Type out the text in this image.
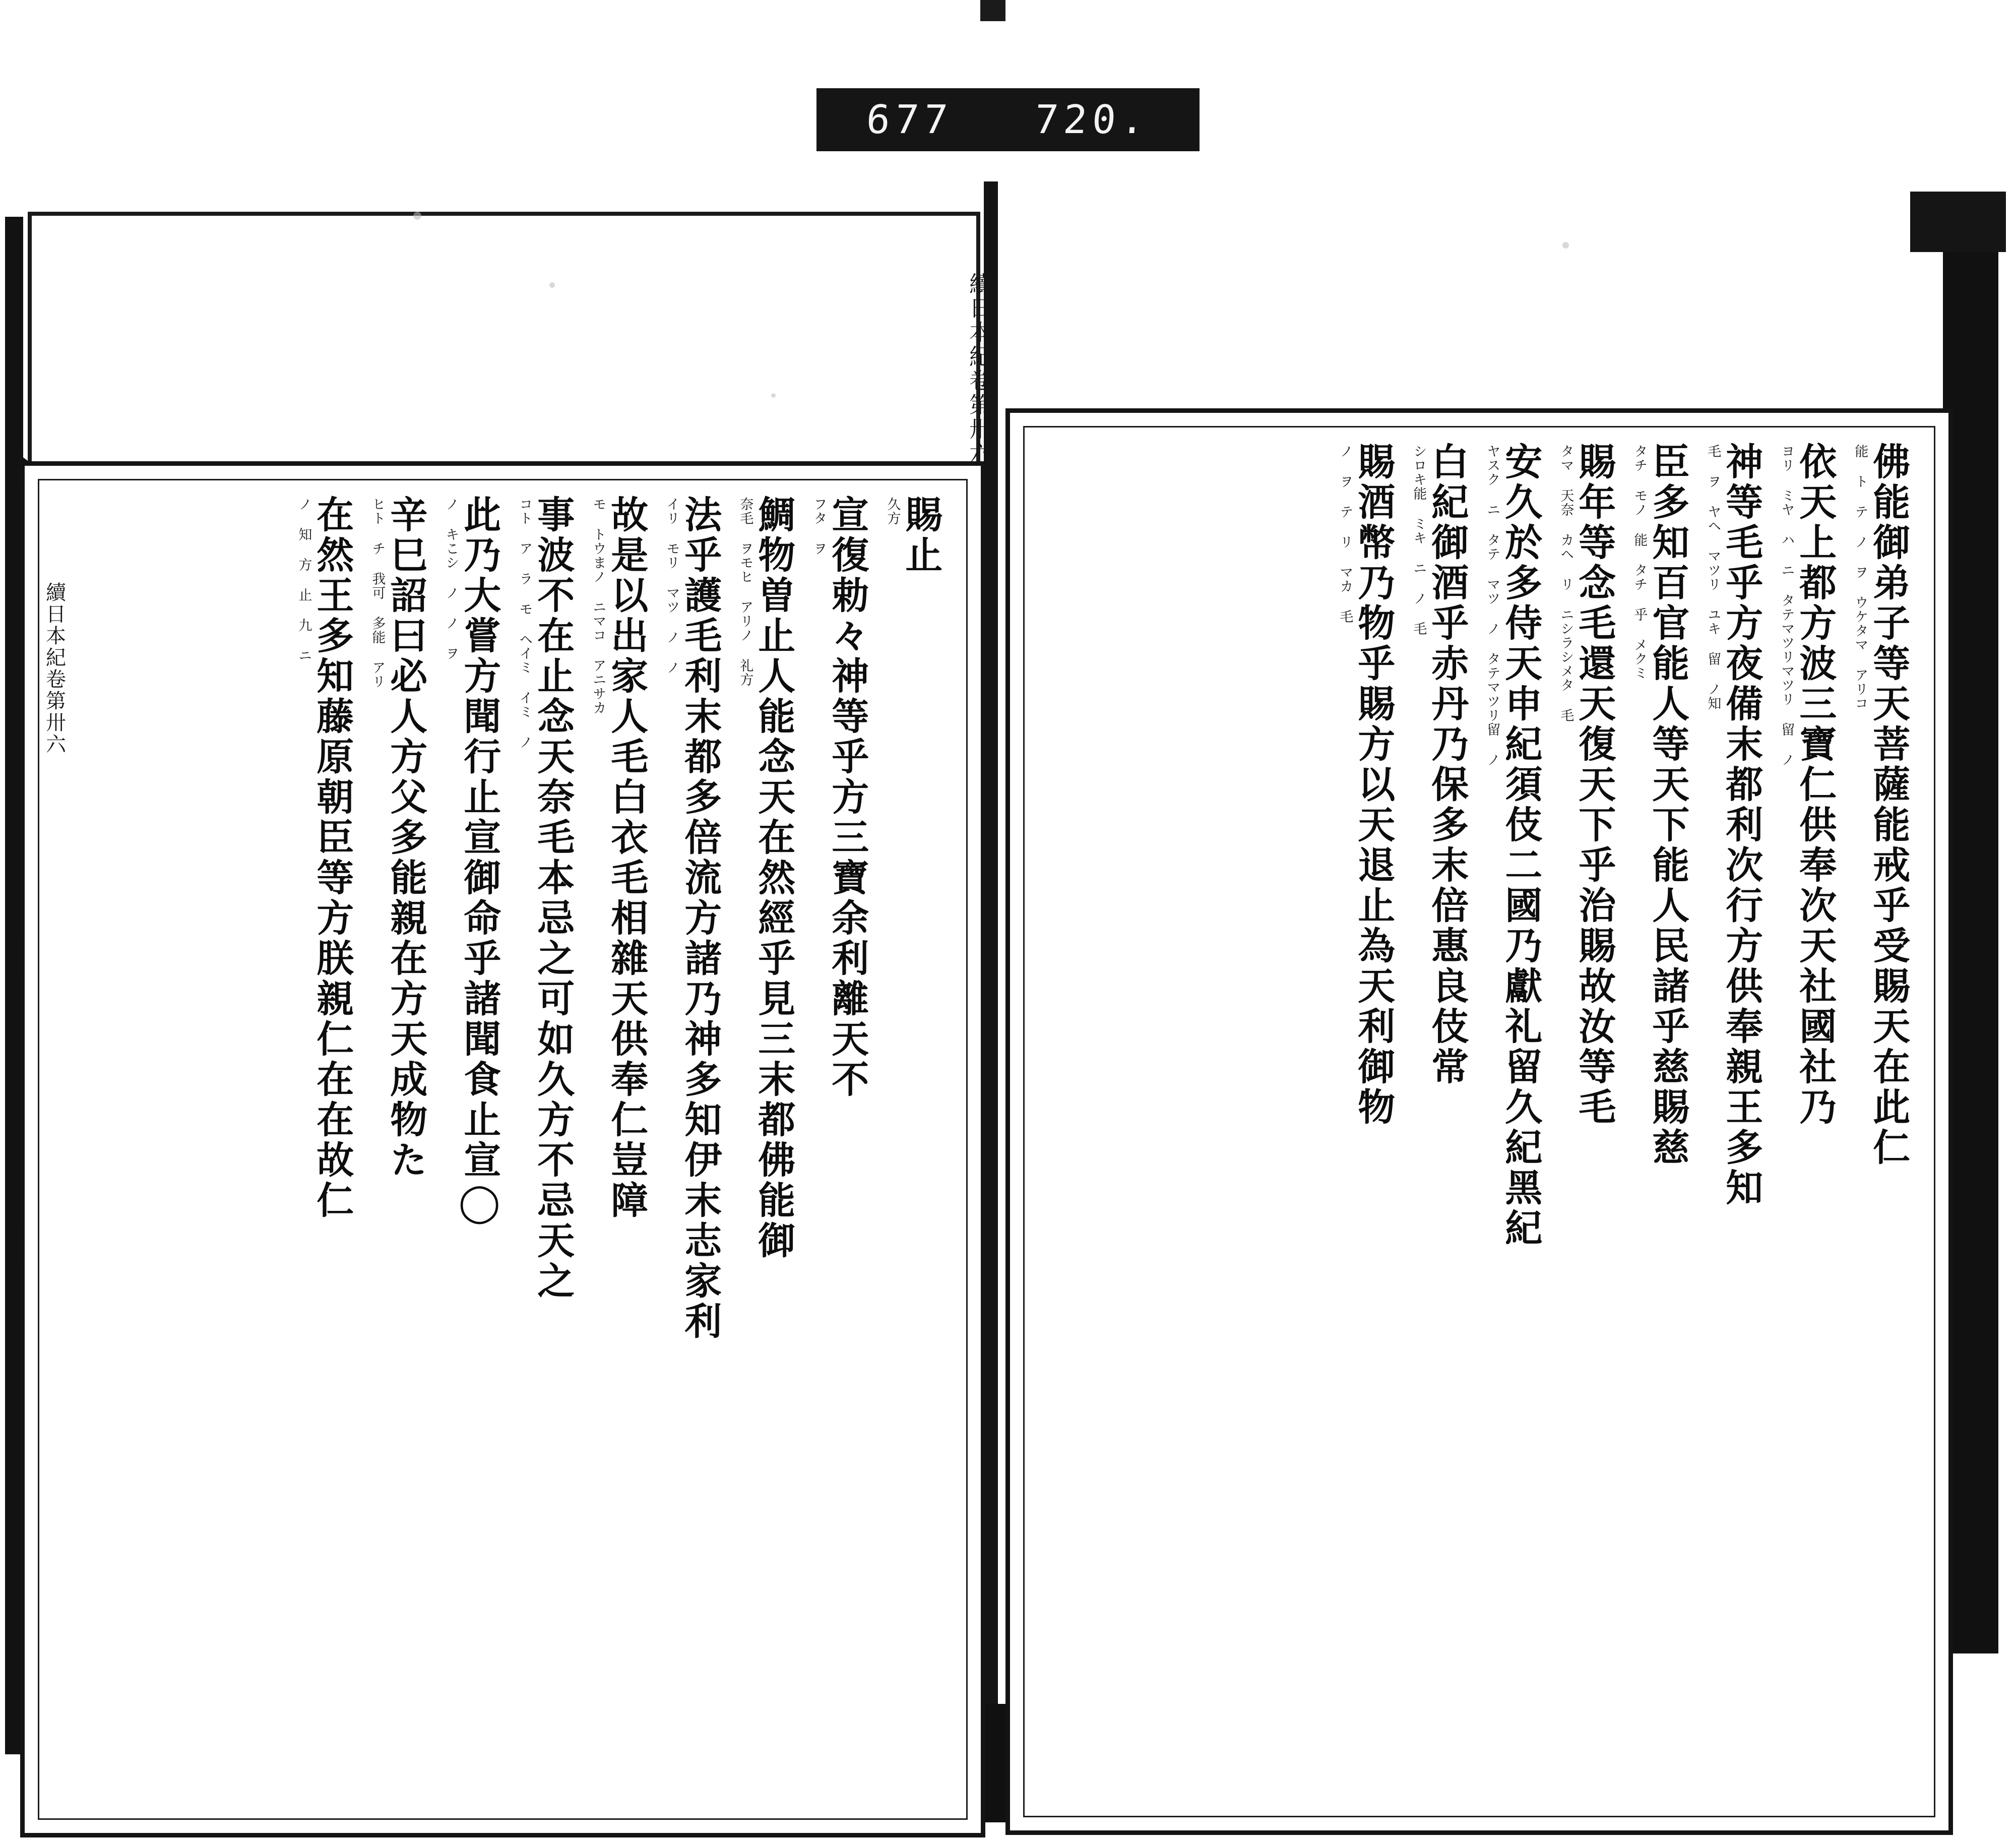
677 720.
久方
賜止
フタ ヲ
宣復勅々神等乎方三寶余利離天不
奈毛 ヲモヒ アリノ 礼方
鯛物曽止人能念天在然經乎見三末都佛能御
イリ モリ マツ ノ ノ
法乎護毛利末都多倍流方諸乃神多知伊末志家利
モ トウまノ ニマコ アニサカ
故是以出家人毛白衣毛相雜天供奉仁豈障
コト ア ラ モ ヘイミ イミ ノ
事波不在止念天奈毛本忌之可如久方不忌天之
ノ キこシ ノ ノ ヲ
此乃大嘗方聞行止宣御命乎諸聞食止宣◯
ヒト チ 我可 多能 アリ
辛巳詔曰必人方父多能親在方天成物た
ノ 知 方 止 九 ニ
在然王多知藤原朝臣等方朕親仁在在故仁
續日本紀卷第卅六	能 ト テ ノ ヲ ウケタマ アリコ
佛能御弟子等天菩薩能戒乎受賜天在此仁
ヨリ ミヤ ハ ニ タテマツリマツリ 留 ノ
依天上都方波三寶仁供奉次天社國社乃
毛 ヲ ヤヘ マツリ ユキ 留 ノ知
神等毛乎方夜備末都利次行方供奉親王多知
タチ モノ 能 タチ 乎 メクミ
臣多知百官能人等天下能人民諸乎慈賜慈
タマ 天奈 カヘ リ ニシラシメタ 毛
賜年等念毛還天復天下乎治賜故汝等毛
ヤスク ニ タテ マツ ノ タテマツリ留 ノ
安久於多侍天申紀須伎二國乃獻礼留久紀黑紀
シロキ能 ミキ ニ ノ 毛
白紀御酒乎赤丹乃保多末倍惠良伎常
ノ ヲ テ リ マカ 毛
賜酒幣乃物乎賜方以天退止為天利御物
續日本紀卷第卅六
